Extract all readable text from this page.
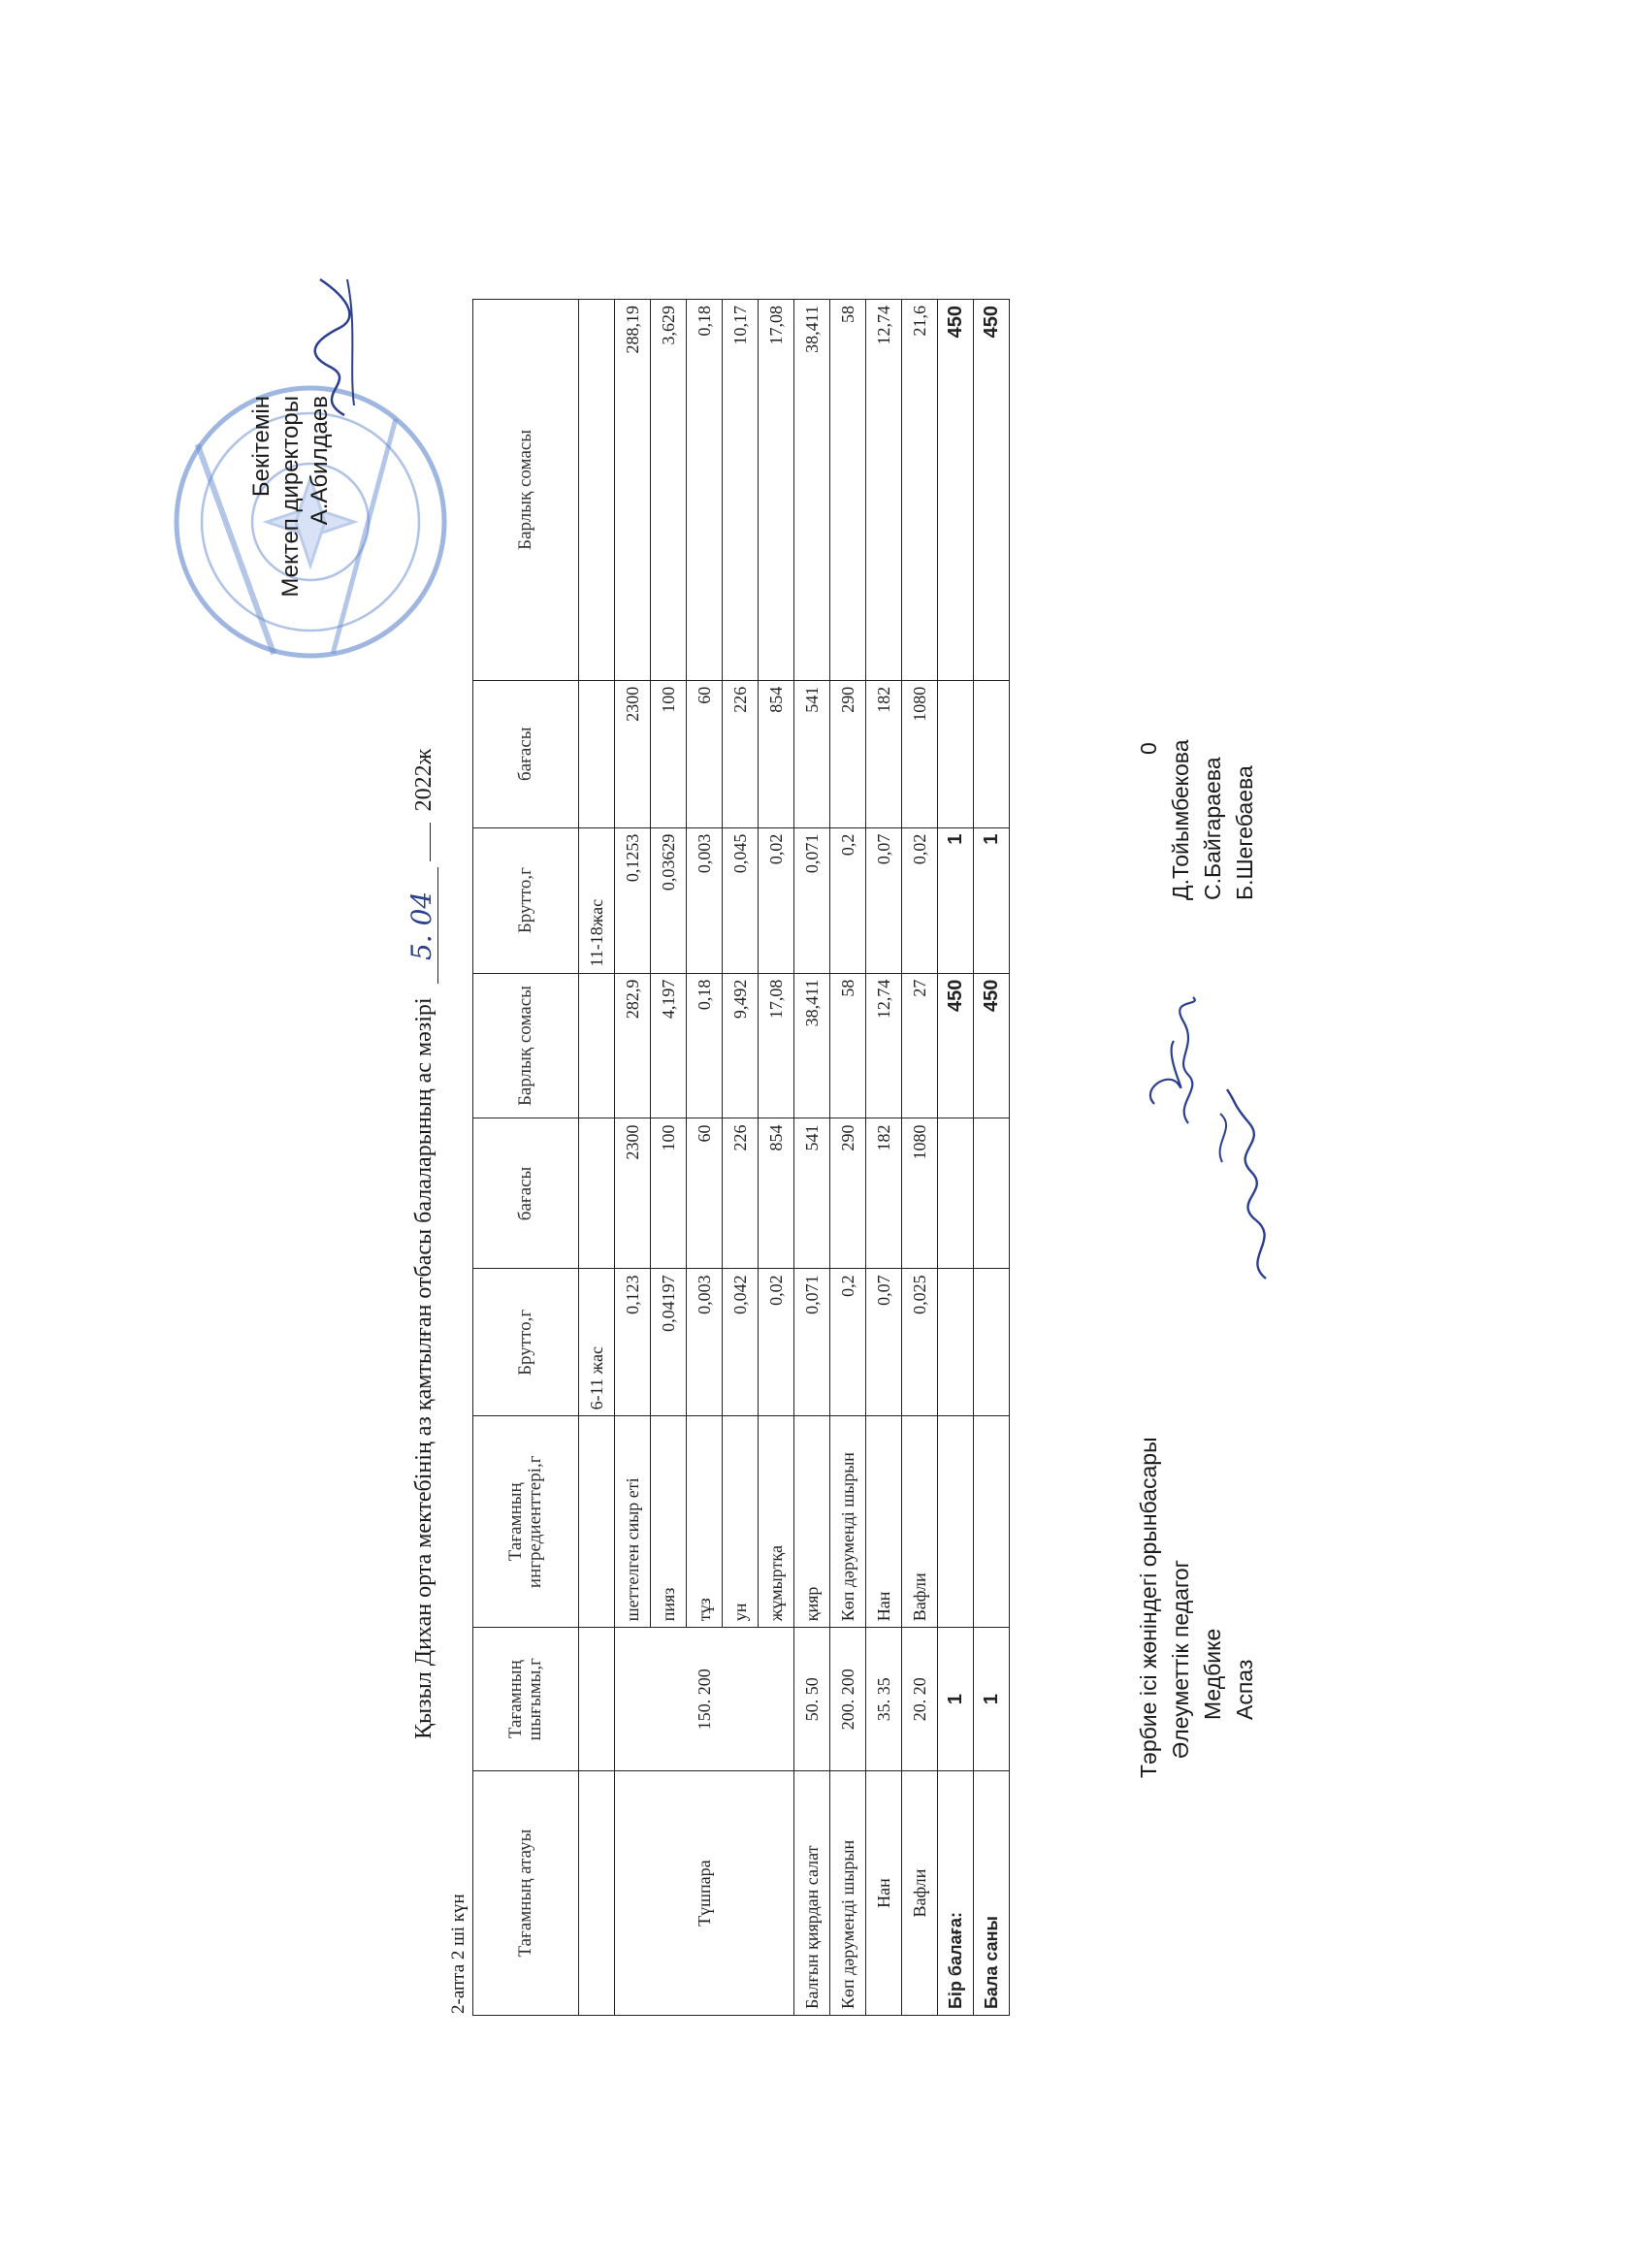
Бекітемін Мектеп директоры А.Абилдаев
Қызыл Дихан орта мектебінің аз қамтылған отбасы балаларының ас мәзірі 5. 04  2022ж
2-апта 2 ші күн	Тағамның атауы	Тағамның шығымы,г	Тағамның ингредиенттері,г	Брутто,г	бағасы	Барлық сомасы	Брутто,г	бағасы	Барлық сомасы
			6-11 жас			11-18жас		
Түшпара	150. 200	шеттелген сиыр еті	0,123	2300	282,9	0,1253	2300	288,19
		пияз	0,04197	100	4,197	0,03629	100	3,629
		тұз	0,003	60	0,18	0,003	60	0,18
		ун	0,042	226	9,492	0,045	226	10,17
		жұмыртқа	0,02	854	17,08	0,02	854	17,08
Балғын қиярдан салат	50. 50	қияр	0,071	541	38,411	0,071	541	38,411
Көп дәруменді шырын	200. 200	Көп дәруменді шырын	0,2	290	58	0,2	290	58
Нан	35. 35	Нан	0,07	182	12,74	0,07	182	12,74
Вафли	20. 20	Вафли	0,025	1080	27	0,02	1080	21,6
Бір балаға:	1				450	1		450
Бала саны	1				450	1		450
Тәрбие ісі жөніндегі орынбасары Әлеуметтік педагог Медбике Аспаз
0 Д.Тойымбекова С.Байгараева Б.Шегебаева
